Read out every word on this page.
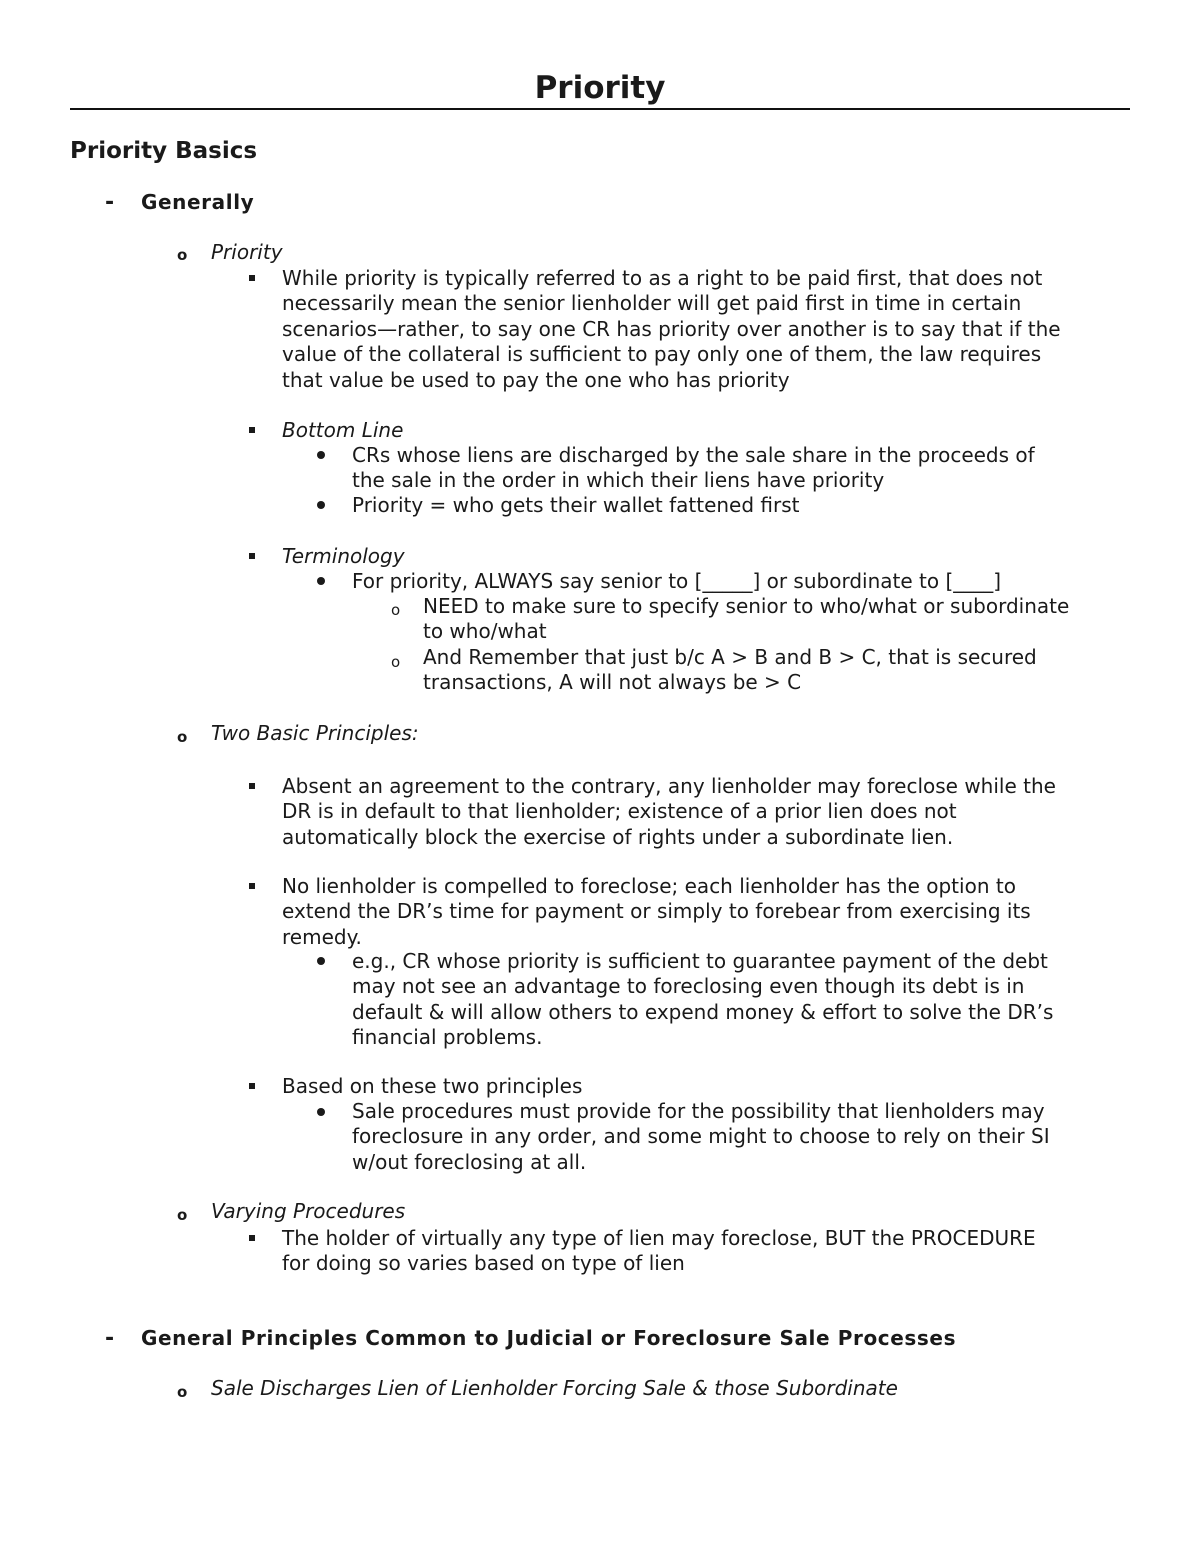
Priority
Priority Basics
- Generally
o Priority
While priority is typically referred to as a right to be paid first, that does not
necessarily mean the senior lienholder will get paid first in time in certain
scenarios—rather, to say one CR has priority over another is to say that if the
value of the collateral is sufficient to pay only one of them, the law requires
that value be used to pay the one who has priority
Bottom Line
CRs whose liens are discharged by the sale share in the proceeds of
the sale in the order in which their liens have priority
Priority = who gets their wallet fattened first
Terminology
For priority, ALWAYS say senior to [_____] or subordinate to [____]
o NEED to make sure to specify senior to who/what or subordinate
to who/what
o And Remember that just b/c A > B and B > C, that is secured
transactions, A will not always be > C
o Two Basic Principles:
Absent an agreement to the contrary, any lienholder may foreclose while the
DR is in default to that lienholder; existence of a prior lien does not
automatically block the exercise of rights under a subordinate lien.
No lienholder is compelled to foreclose; each lienholder has the option to
extend the DR’s time for payment or simply to forebear from exercising its
remedy.
e.g., CR whose priority is sufficient to guarantee payment of the debt
may not see an advantage to foreclosing even though its debt is in
default & will allow others to expend money & effort to solve the DR’s
financial problems.
Based on these two principles
Sale procedures must provide for the possibility that lienholders may
foreclosure in any order, and some might to choose to rely on their SI
w/out foreclosing at all.
o Varying Procedures
The holder of virtually any type of lien may foreclose, BUT the PROCEDURE
for doing so varies based on type of lien
- General Principles Common to Judicial or Foreclosure Sale Processes
o Sale Discharges Lien of Lienholder Forcing Sale & those Subordinate
